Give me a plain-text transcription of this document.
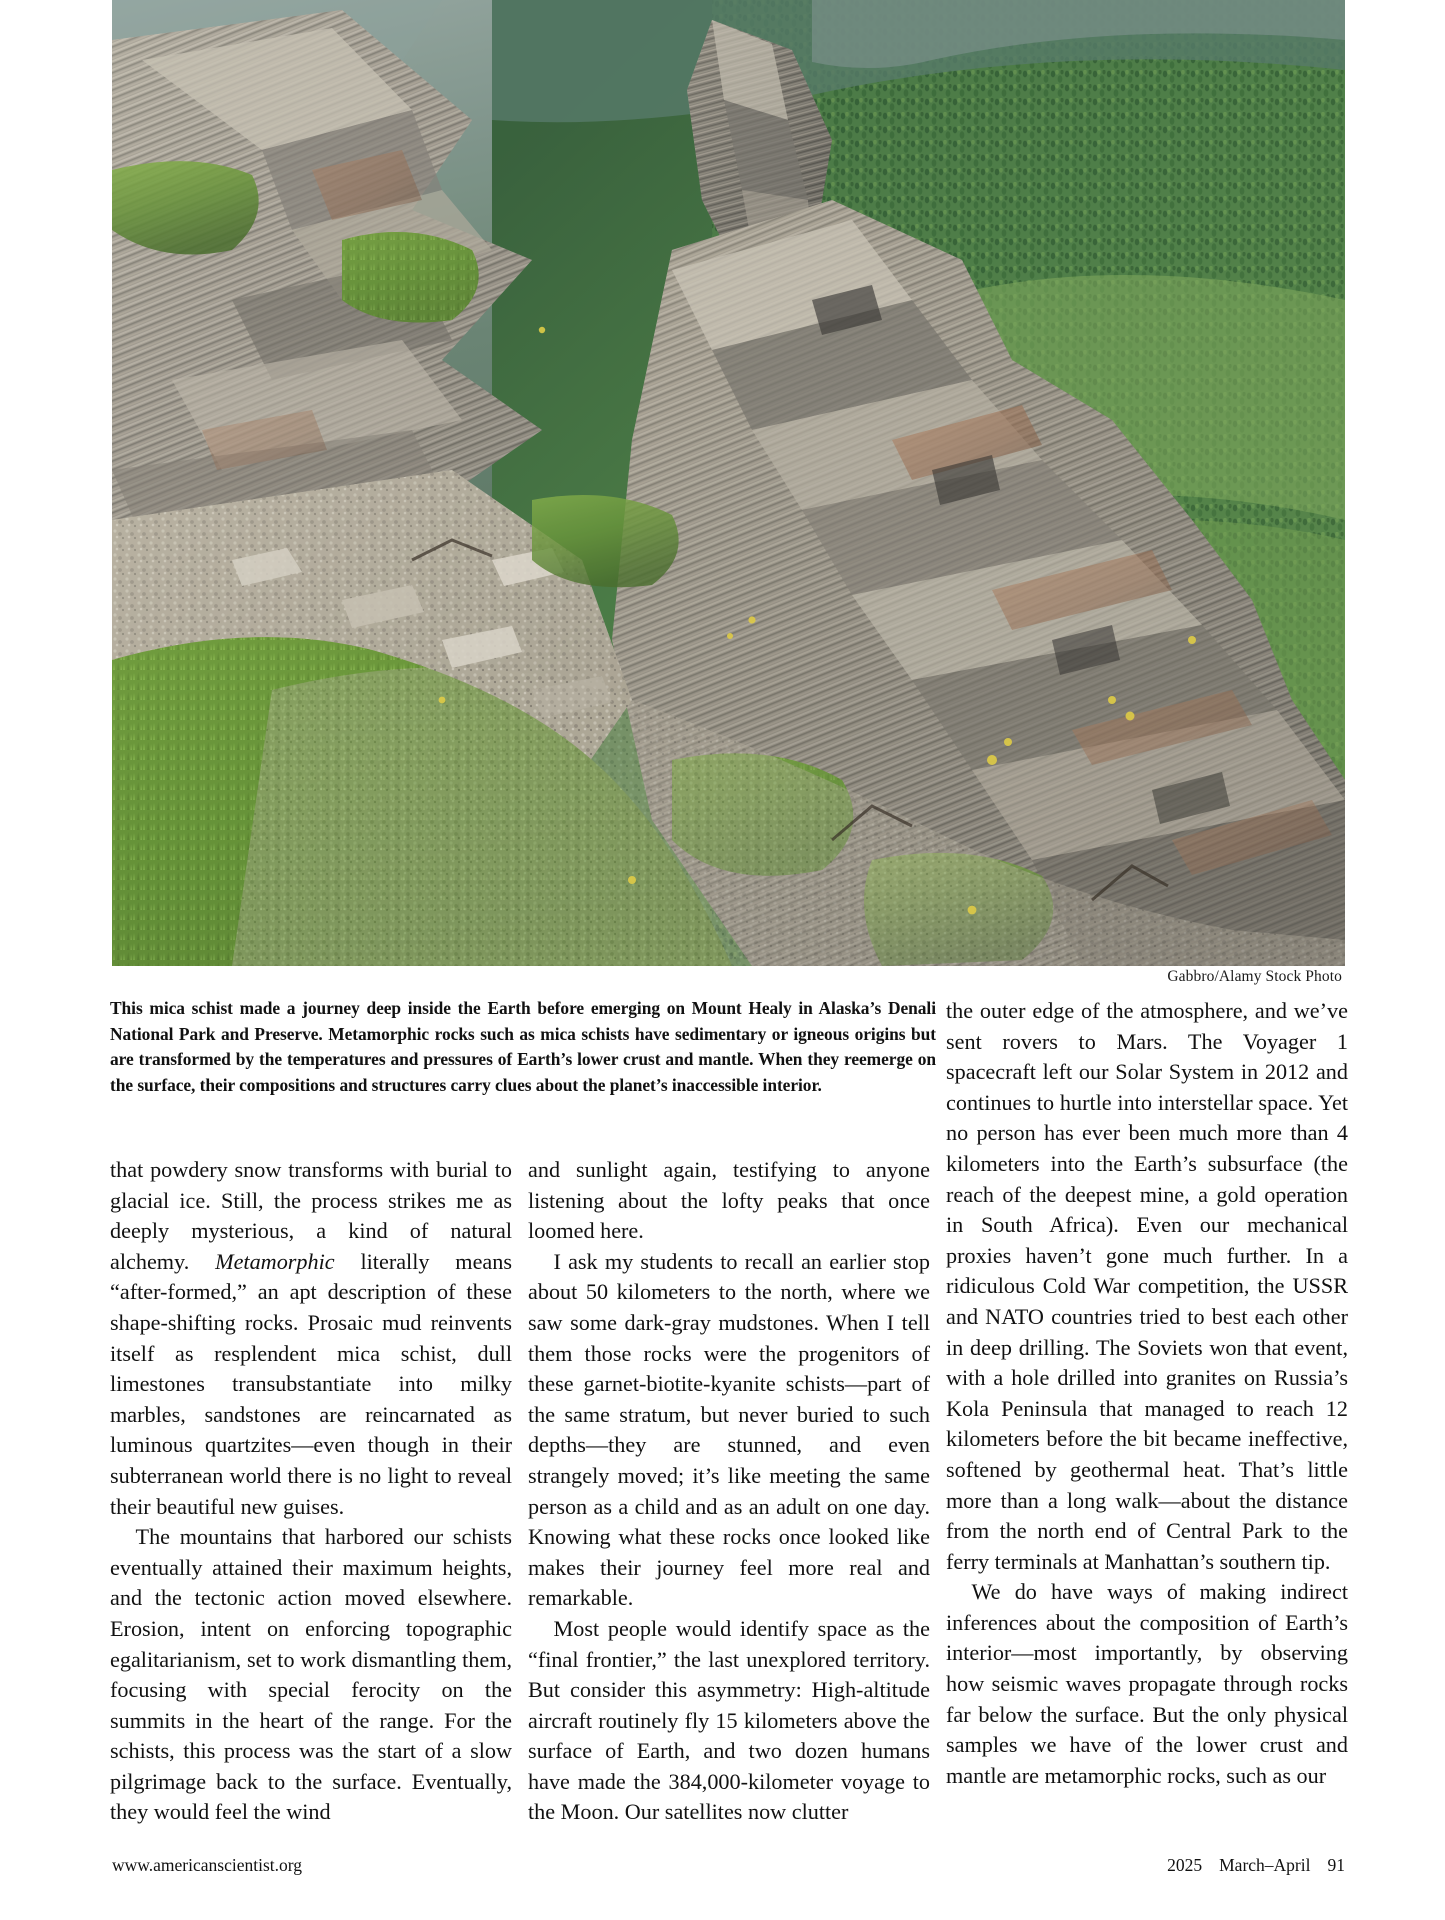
Gabbro/Alamy Stock Photo
This mica schist made a journey deep inside the Earth before emerging on Mount Healy in Alaska’s Denali National Park and Preserve. Metamorphic rocks such as mica schists have sedimentary or igneous origins but are transformed by the temperatures and pressures of Earth’s lower crust and mantle. When they reemerge on the surface, their compositions and structures carry clues about the planet’s inaccessible interior.

that powdery snow transforms with burial to glacial ice. Still, the process strikes me as deeply mysterious, a kind of natural alchemy. Metamorphic literally means “after-formed,” an apt description of these shape-shifting rocks. Prosaic mud reinvents itself as resplendent mica schist, dull limestones transubstantiate into milky marbles, sandstones are reincarnated as luminous quartzites—even though in their subterranean world there is no light to reveal their beautiful new guises.

The mountains that harbored our schists eventually attained their maximum heights, and the tectonic action moved elsewhere. Erosion, intent on enforcing topographic egalitarianism, set to work dismantling them, focusing with special ferocity on the summits in the heart of the range. For the schists, this process was the start of a slow pilgrimage back to the surface. Eventually, they would feel the wind

and sunlight again, testifying to anyone listening about the lofty peaks that once loomed here.

I ask my students to recall an earlier stop about 50 kilometers to the north, where we saw some dark-gray mudstones. When I tell them those rocks were the progenitors of these garnet-biotite-kyanite schists—part of the same stratum, but never buried to such depths—they are stunned, and even strangely moved; it’s like meeting the same person as a child and as an adult on one day. Knowing what these rocks once looked like makes their journey feel more real and remarkable.

Most people would identify space as the “final frontier,” the last unexplored territory. But consider this asymmetry: High-altitude aircraft routinely fly 15 kilometers above the surface of Earth, and two dozen humans have made the 384,000-kilometer voyage to the Moon. Our satellites now clutter

the outer edge of the atmosphere, and we’ve sent rovers to Mars. The Voyager 1 spacecraft left our Solar System in 2012 and continues to hurtle into interstellar space. Yet no person has ever been much more than 4 kilometers into the Earth’s subsurface (the reach of the deepest mine, a gold operation in South Africa). Even our mechanical proxies haven’t gone much further. In a ridiculous Cold War competition, the USSR and NATO countries tried to best each other in deep drilling. The Soviets won that event, with a hole drilled into granites on Russia’s Kola Peninsula that managed to reach 12 kilometers before the bit became ineffective, softened by geothermal heat. That’s little more than a long walk—about the distance from the north end of Central Park to the ferry terminals at Manhattan’s southern tip.

We do have ways of making indirect inferences about the composition of Earth’s interior—most importantly, by observing how seismic waves propagate through rocks far below the surface. But the only physical samples we have of the lower crust and mantle are metamorphic rocks, such as our

www.americanscientist.org	2025 March–April 91
